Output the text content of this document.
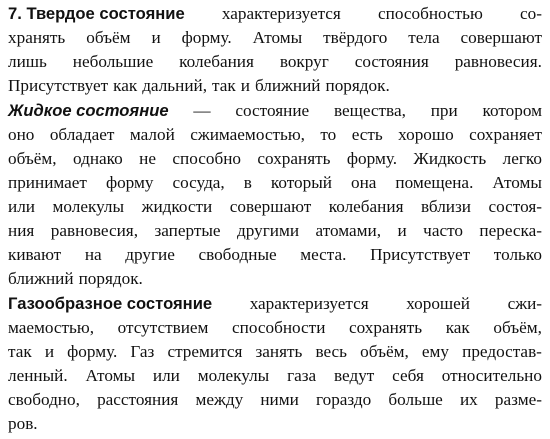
7. Твердое состояние характеризуется способностью со-
хранять объём и форму. Атомы твёрдого тела совершают
лишь небольшие колебания вокруг состояния равновесия.
Присутствует как дальний, так и ближний порядок.
Жидкое состояние — состояние вещества, при котором
оно обладает малой сжимаемостью, то есть хорошо сохраняет
объём, однако не способно сохранять форму. Жидкость легко
принимает форму сосуда, в который она помещена. Атомы
или молекулы жидкости совершают колебания вблизи состоя-
ния равновесия, запертые другими атомами, и часто переска-
кивают на другие свободные места. Присутствует только
ближний порядок.
Газообразное состояние характеризуется хорошей сжи-
маемостью, отсутствием способности сохранять как объём,
так и форму. Газ стремится занять весь объём, ему предостав-
ленный. Атомы или молекулы газа ведут себя относительно
свободно, расстояния между ними гораздо больше их разме-
ров.
